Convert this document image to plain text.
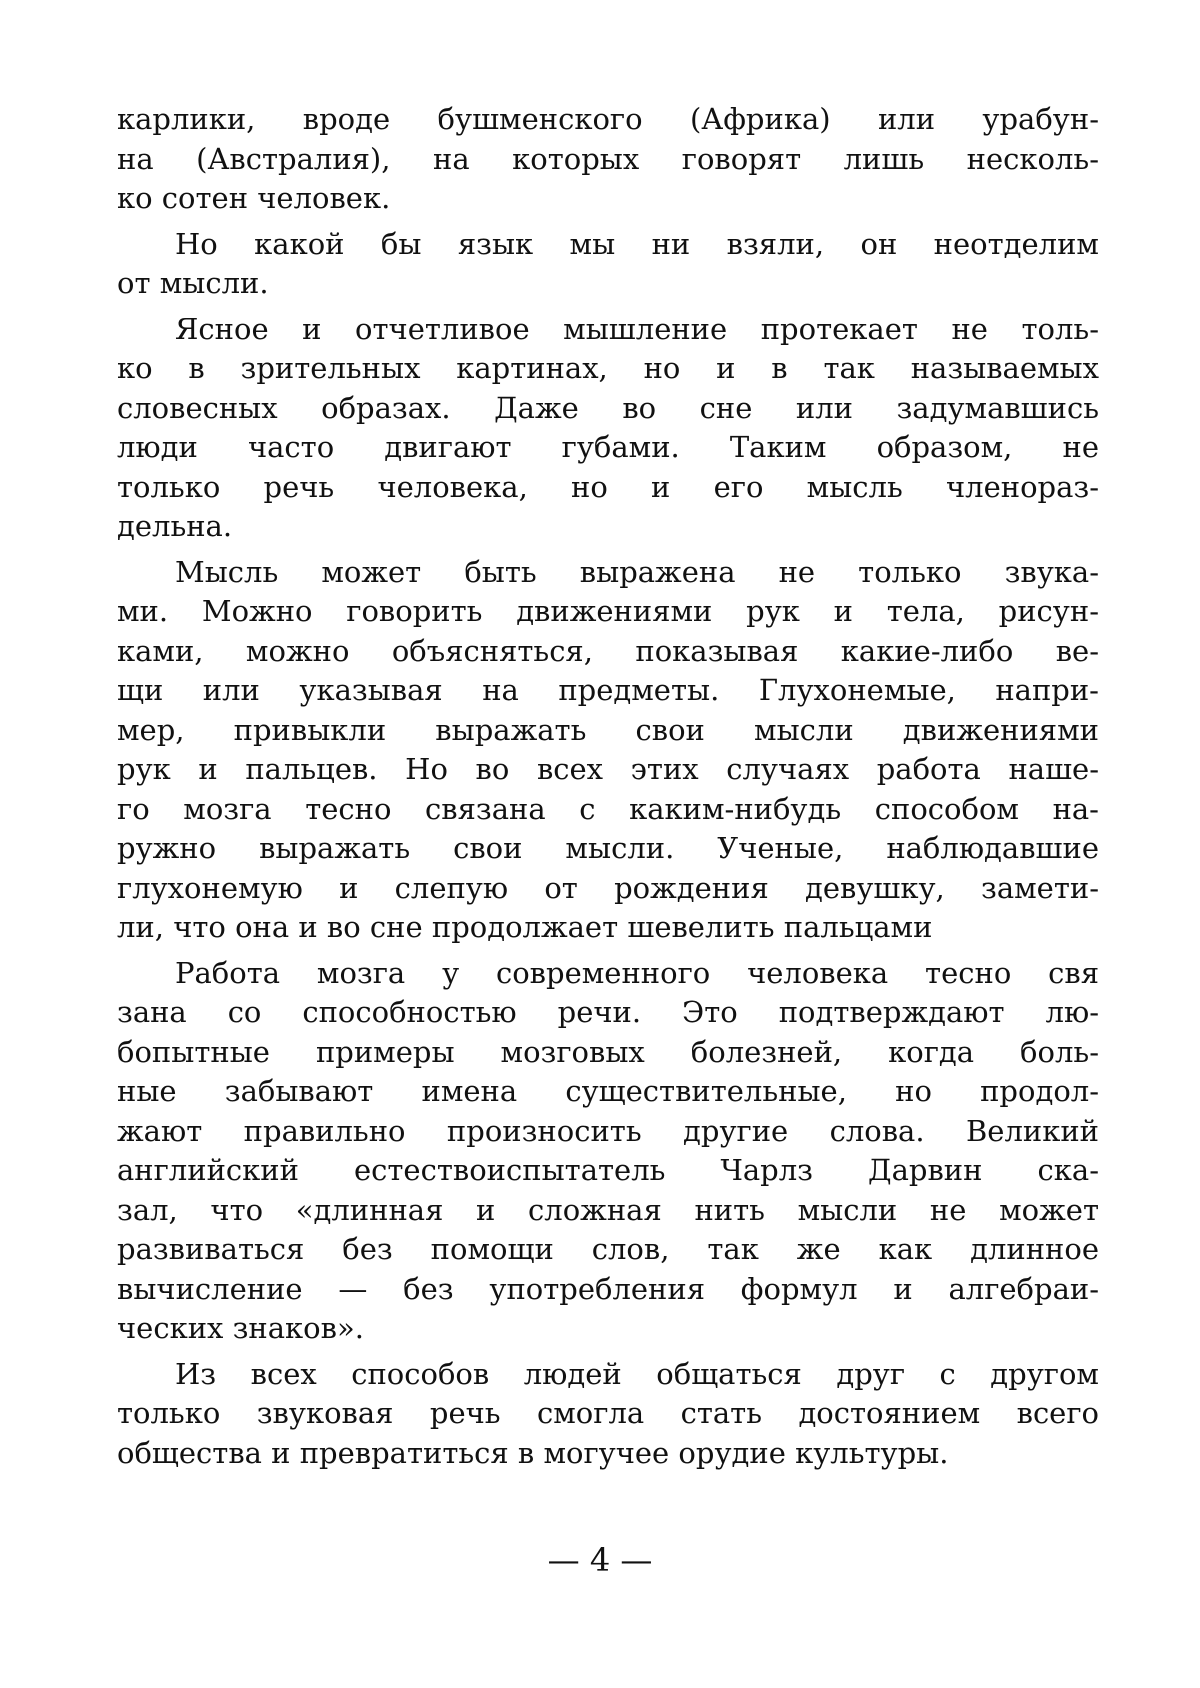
карлики, вроде бушменского (Африка) или урабун-
на (Австралия), на которых говорят лишь несколь-
ко сотен человек.
Но какой бы язык мы ни взяли, он неотделим
от мысли.
Ясное и отчетливое мышление протекает не толь-
ко в зрительных картинах, но и в так называемых
словесных образах. Даже во сне или задумавшись
люди часто двигают губами. Таким образом, не
только речь человека, но и его мысль членораз-
дельна.
Мысль может быть выражена не только звука-
ми. Можно говорить движениями рук и тела, рисун-
ками, можно объясняться, показывая какие-либо ве-
щи или указывая на предметы. Глухонемые, напри-
мер, привыкли выражать свои мысли движениями
рук и пальцев. Но во всех этих случаях работа наше-
го мозга тесно связана с каким-нибудь способом на-
ружно выражать свои мысли. Ученые, наблюдавшие
глухонемую и слепую от рождения девушку, замети-
ли, что она и во сне продолжает шевелить пальцами
Работа мозга у современного человека тесно свя
зана со способностью речи. Это подтверждают лю-
бопытные примеры мозговых болезней, когда боль-
ные забывают имена существительные, но продол-
жают правильно произносить другие слова. Великий
английский естествоиспытатель Чарлз Дарвин ска-
зал, что «длинная и сложная нить мысли не может
развиваться без помощи слов, так же как длинное
вычисление — без употребления формул и алгебраи-
ческих знаков».
Из всех способов людей общаться друг с другом
только звуковая речь смогла стать достоянием всего
общества и превратиться в могучее орудие культуры.
— 4 —
